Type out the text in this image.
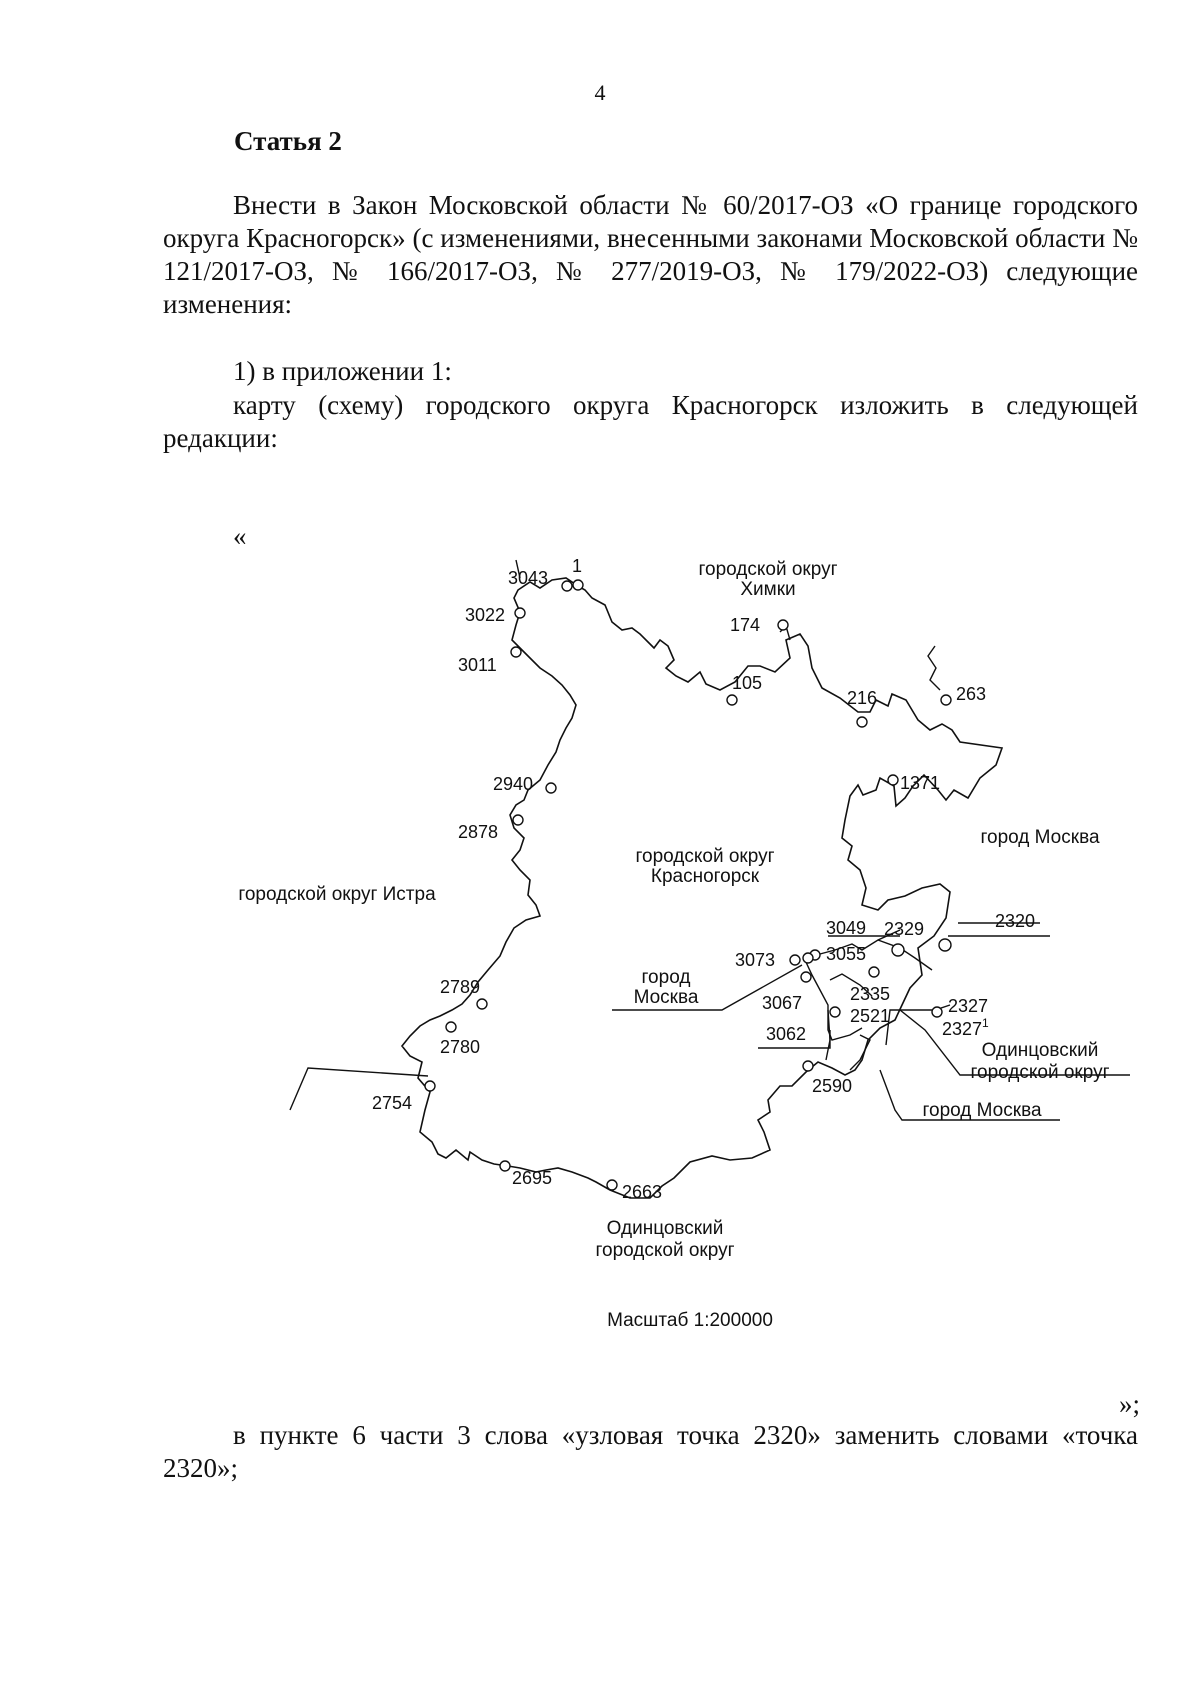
4
Статья 2
Внести в Закон Московской области № 60/2017-ОЗ «О границе городского округа Красногорск» (с изменениями, внесенными законами Московской области № 121/2017-ОЗ, № 166/2017-ОЗ, № 277/2019-ОЗ, № 179/2022-ОЗ) следующие изменения:
1) в приложении 1:
карту (схему) городского округа Красногорск изложить в следующей редакции:
«
городской округ Химки
город Москва
городской округ Истра
городской округ Красногорск
город Москва
Одинцовский городской округ
город Москва
Одинцовский городской округ
1
3043
3022
3011
174
105
216	263
1371
2940
2878
3049 2329	2320
3073	3055
3067	2335
2521
3062
2327
2327$^1$
2789
2780
2754
2590
2695
2663
Масштаб 1:200000
»;
в пункте 6 части 3 слова «узловая точка 2320» заменить словами «точка 2320»;
